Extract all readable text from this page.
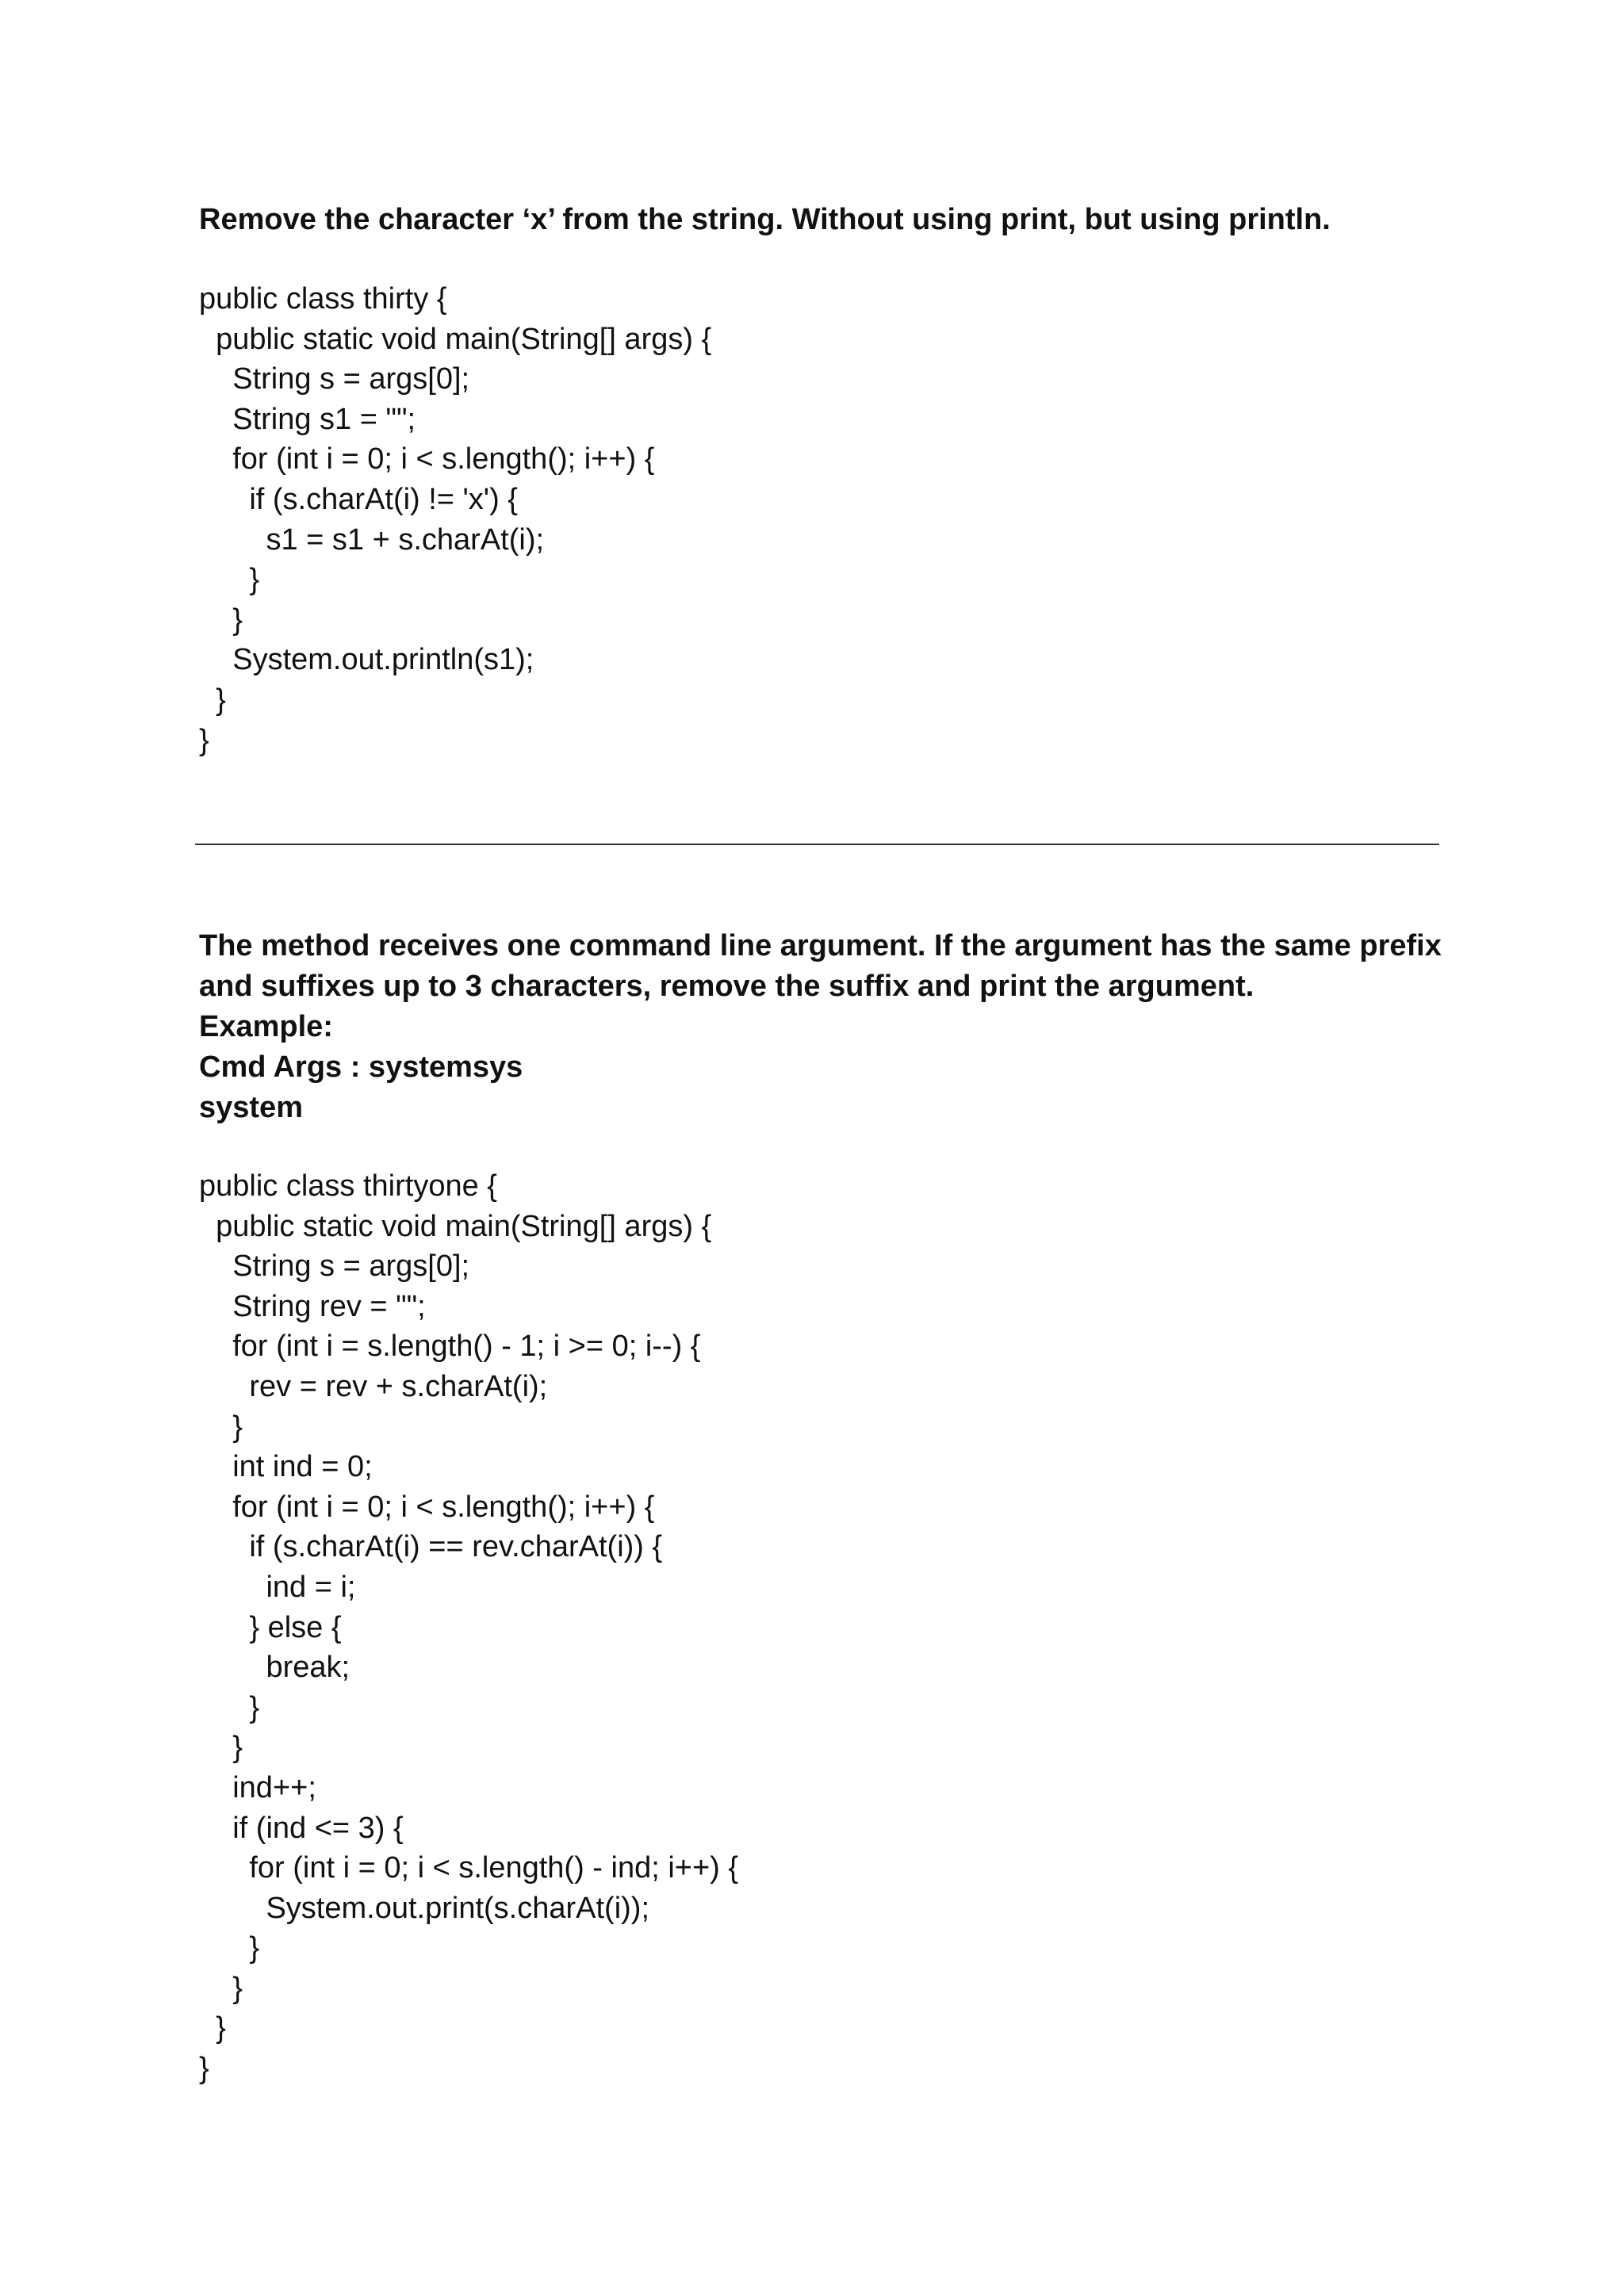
Remove the character ‘x’ from the string. Without using print, but using println.

public class thirty {
public static void main(String[] args) {
String s = args[0];
String s1 = "";
for (int i = 0; i < s.length(); i++) {
if (s.charAt(i) != 'x') {
s1 = s1 + s.charAt(i);
}
}
System.out.println(s1);
}
}

The method receives one command line argument. If the argument has the same prefix
and suffixes up to 3 characters, remove the suffix and print the argument.
Example:
Cmd Args : systemsys
system

public class thirtyone {
public static void main(String[] args) {
String s = args[0];
String rev = "";
for (int i = s.length() - 1; i >= 0; i--) {
rev = rev + s.charAt(i);
}
int ind = 0;
for (int i = 0; i < s.length(); i++) {
if (s.charAt(i) == rev.charAt(i)) {
ind = i;
} else {
break;
}
}
ind++;
if (ind <= 3) {
for (int i = 0; i < s.length() - ind; i++) {
System.out.print(s.charAt(i));
}
}
}
}
